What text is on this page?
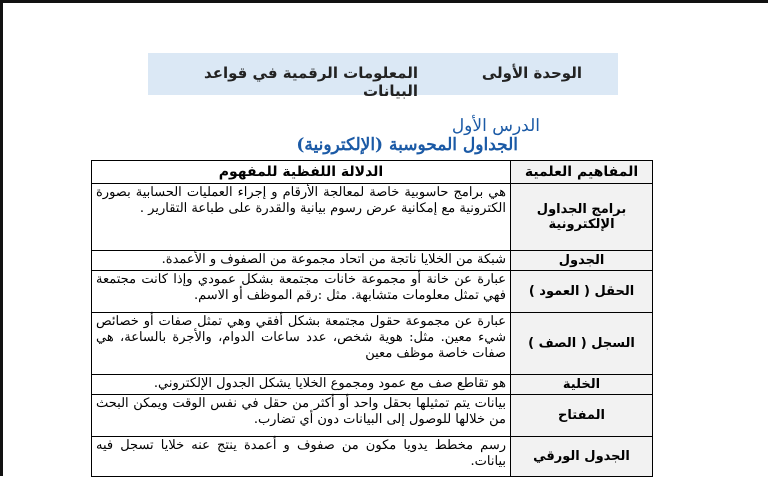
الوحدة الأولى
المعلومات الرقمية في قواعد البيانات
الدرس الأول
الجداول المحوسبة (الإلكترونية)
المفاهيم العلمية	الدلالة اللفظية للمفهوم
برامج الجداول الإلكترونية	هي برامج حاسوبية خاصة لمعالجة الأرقام و إجراء العمليات الحسابية بصورة الكترونية مع إمكانية عرض رسوم بيانية والقدرة على طباعة التقارير .
الجدول	شبكة من الخلايا ناتجة من اتحاد مجموعة من الصفوف و الأعمدة.
الحقل ( العمود )	عبارة عن خانة أو مجموعة خانات مجتمعة بشكل عمودي وإذا كانت مجتمعة فهي تمثل معلومات متشابهة. مثل :رقم الموظف أو الاسم.
السجل ( الصف )	عبارة عن مجموعة حقول مجتمعة بشكل أفقي وهي تمثل صفات أو خصائص شيء معين. مثل: هوية شخص، عدد ساعات الدوام، والأجرة بالساعة، هي صفات خاصة موظف معين
الخلية	هو تقاطع صف مع عمود ومجموع الخلايا يشكل الجدول الإلكتروني.
المفتاح	بيانات يتم تمثيلها بحقل واحد أو أكثر من حقل في نفس الوقت ويمكن البحث من خلالها للوصول إلى البيانات دون أي تضارب.
الجدول الورقي	رسم مخطط يدويا مكون من صفوف و أعمدة ينتج عنه خلايا تسجل فيه بيانات.
